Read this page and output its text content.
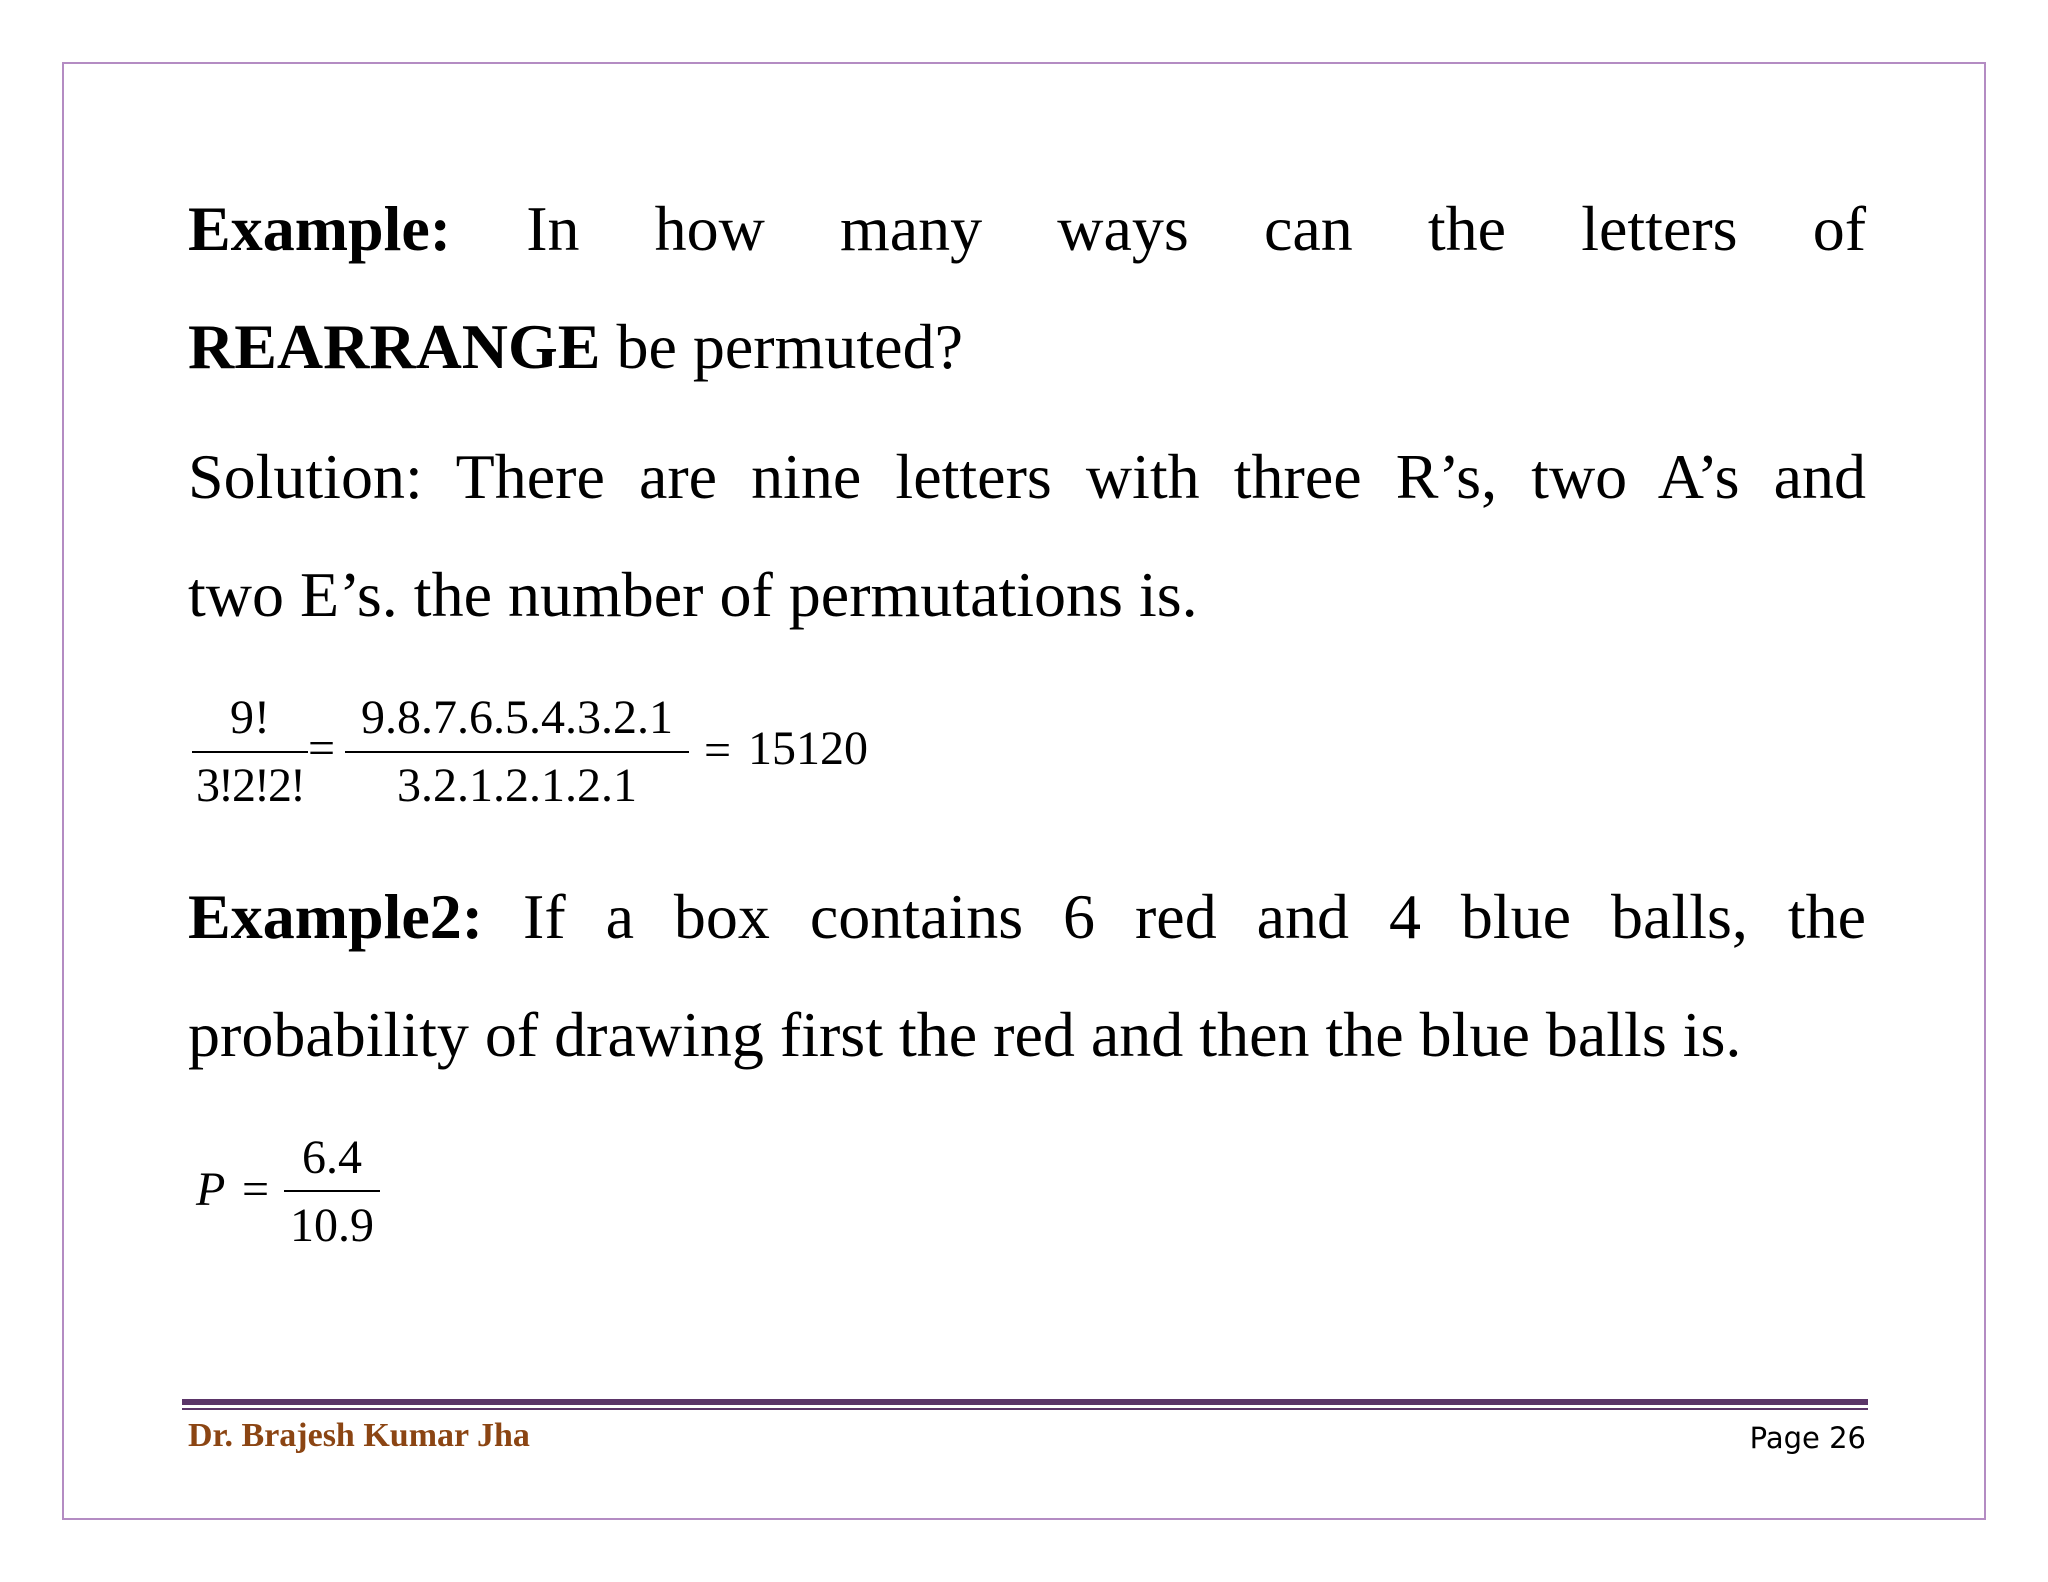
Example: In how many ways can the letters of
REARRANGE be permuted?
Solution: There are nine letters with three R’s, two A’s and
two E’s. the number of permutations is.
9!
3!2!2!
=
9.8.7.6.5.4.3.2.1
3.2.1.2.1.2.1
= 15120
Example2: If a box contains 6 red and 4 blue balls, the
probability of drawing first the red and then the blue balls is.
P =
6.4
10.9
Dr. Brajesh Kumar Jha	Page 26
